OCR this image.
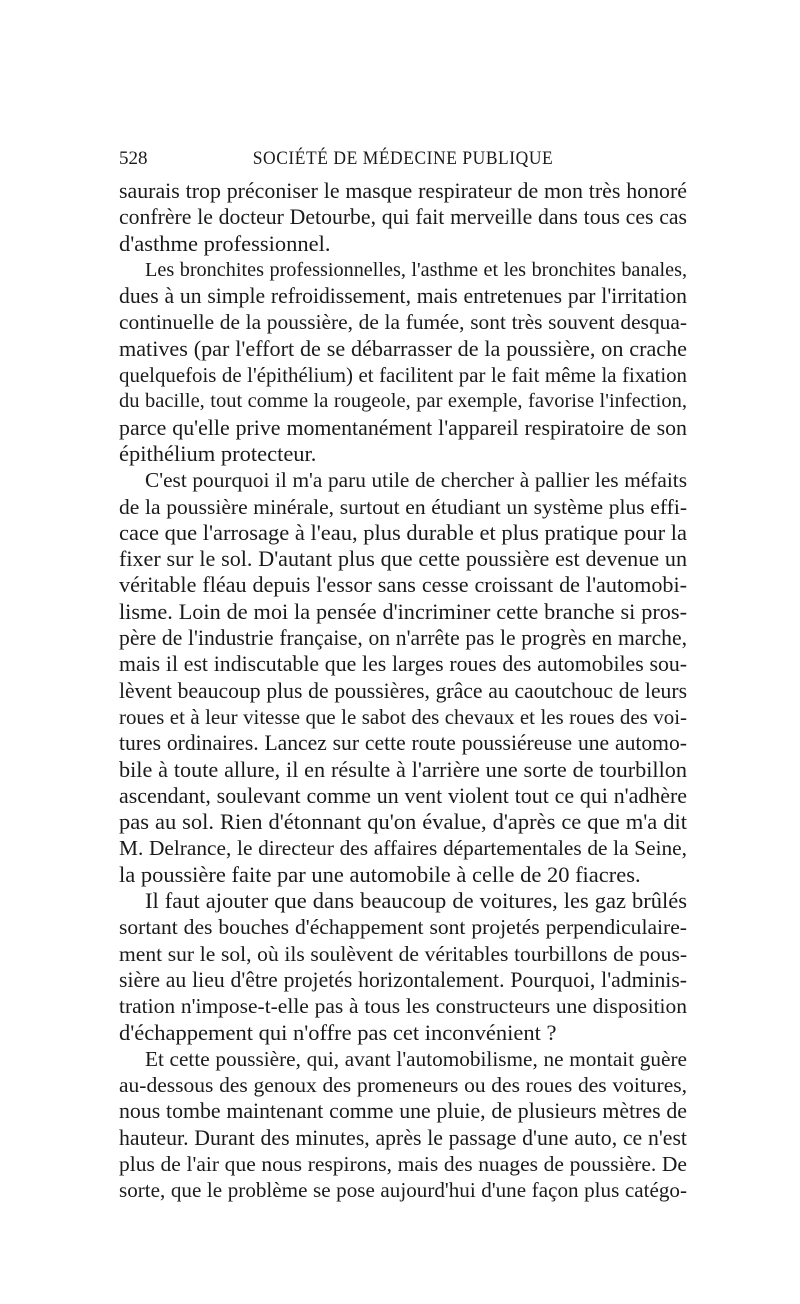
528	SOCIÉTÉ DE MÉDECINE PUBLIQUE
saurais trop préconiser le masque respirateur de mon très honoré
confrère le docteur Detourbe, qui fait merveille dans tous ces cas
d'asthme professionnel.
Les bronchites professionnelles, l'asthme et les bronchites banales,
dues à un simple refroidissement, mais entretenues par l'irritation
continuelle de la poussière, de la fumée, sont très souvent desqua-
matives (par l'effort de se débarrasser de la poussière, on crache
quelquefois de l'épithélium) et facilitent par le fait même la fixation
du bacille, tout comme la rougeole, par exemple, favorise l'infection,
parce qu'elle prive momentanément l'appareil respiratoire de son
épithélium protecteur.
C'est pourquoi il m'a paru utile de chercher à pallier les méfaits
de la poussière minérale, surtout en étudiant un système plus effi-
cace que l'arrosage à l'eau, plus durable et plus pratique pour la
fixer sur le sol. D'autant plus que cette poussière est devenue un
véritable fléau depuis l'essor sans cesse croissant de l'automobi-
lisme. Loin de moi la pensée d'incriminer cette branche si pros-
père de l'industrie française, on n'arrête pas le progrès en marche,
mais il est indiscutable que les larges roues des automobiles sou-
lèvent beaucoup plus de poussières, grâce au caoutchouc de leurs
roues et à leur vitesse que le sabot des chevaux et les roues des voi-
tures ordinaires. Lancez sur cette route poussiéreuse une automo-
bile à toute allure, il en résulte à l'arrière une sorte de tourbillon
ascendant, soulevant comme un vent violent tout ce qui n'adhère
pas au sol. Rien d'étonnant qu'on évalue, d'après ce que m'a dit
M. Delrance, le directeur des affaires départementales de la Seine,
la poussière faite par une automobile à celle de 20 fiacres.
Il faut ajouter que dans beaucoup de voitures, les gaz brûlés
sortant des bouches d'échappement sont projetés perpendiculaire-
ment sur le sol, où ils soulèvent de véritables tourbillons de pous-
sière au lieu d'être projetés horizontalement. Pourquoi, l'adminis-
tration n'impose-t-elle pas à tous les constructeurs une disposition
d'échappement qui n'offre pas cet inconvénient ?
Et cette poussière, qui, avant l'automobilisme, ne montait guère
au-dessous des genoux des promeneurs ou des roues des voitures,
nous tombe maintenant comme une pluie, de plusieurs mètres de
hauteur. Durant des minutes, après le passage d'une auto, ce n'est
plus de l'air que nous respirons, mais des nuages de poussière. De
sorte, que le problème se pose aujourd'hui d'une façon plus catégo-
